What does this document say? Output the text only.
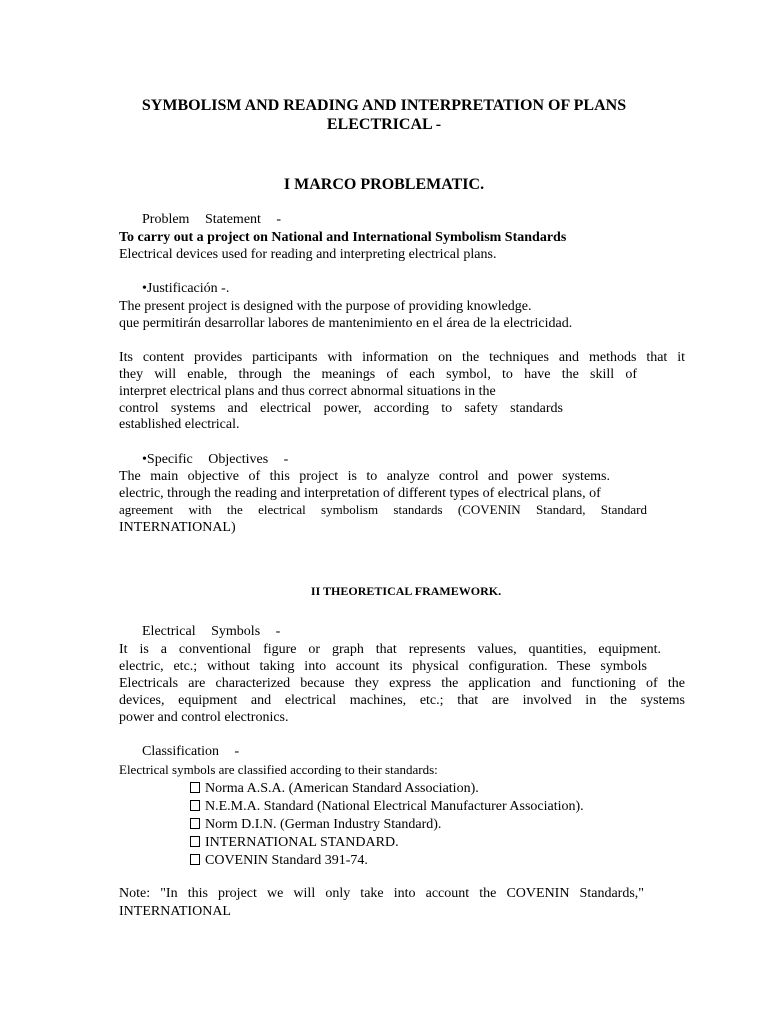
SYMBOLISM AND READING AND INTERPRETATION OF PLANS
ELECTRICAL -
I MARCO PROBLEMATIC.
Problem Statement -
To carry out a project on National and International Symbolism Standards
Electrical devices used for reading and interpreting electrical plans.
•Justificación -.
The present project is designed with the purpose of providing knowledge.
que permitirán desarrollar labores de mantenimiento en el área de la electricidad.
Its content provides participants with information on the techniques and methods that it
they will enable, through the meanings of each symbol, to have the skill of
interpret electrical plans and thus correct abnormal situations in the
control systems and electrical power, according to safety standards
established electrical.
•Specific Objectives -
The main objective of this project is to analyze control and power systems.
electric, through the reading and interpretation of different types of electrical plans, of
agreement with the electrical symbolism standards (COVENIN Standard, Standard
INTERNATIONAL)
II THEORETICAL FRAMEWORK.
Electrical Symbols -
It is a conventional figure or graph that represents values, quantities, equipment.
electric, etc.; without taking into account its physical configuration. These symbols
Electricals are characterized because they express the application and functioning of the
devices, equipment and electrical machines, etc.; that are involved in the systems
power and control electronics.
Classification -
Electrical symbols are classified according to their standards:
Norma A.S.A. (American Standard Association).
N.E.M.A. Standard (National Electrical Manufacturer Association).
Norm D.I.N. (German Industry Standard).
INTERNATIONAL STANDARD.
COVENIN Standard 391-74.
Note: "In this project we will only take into account the COVENIN Standards,"
INTERNATIONAL
